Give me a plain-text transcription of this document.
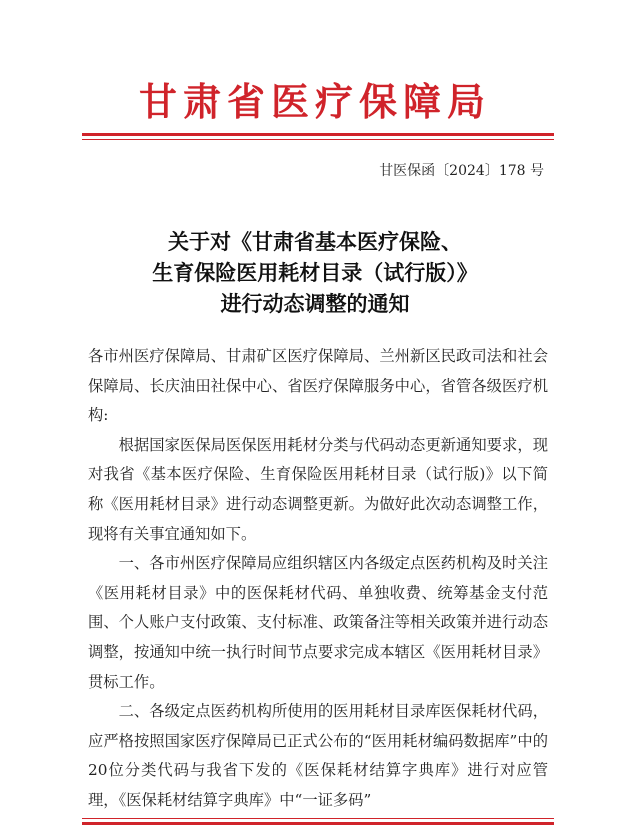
甘肃省医疗保障局
甘医保函〔2024〕178 号
关于对《甘肃省基本医疗保险、
生育保险医用耗材目录（试行版）》
进行动态调整的通知

各市州医疗保障局、甘肃矿区医疗保障局、兰州新区民政司法和社会保障局、长庆油田社保中心、省医疗保障服务中心，省管各级医疗机构:

根据国家医保局医保医用耗材分类与代码动态更新通知要求，现对我省《基本医疗保险、生育保险医用耗材目录（试行版)》以下简称《医用耗材目录》进行动态调整更新。为做好此次动态调整工作，现将有关事宜通知如下。

一、各市州医疗保障局应组织辖区内各级定点医药机构及时关注《医用耗材目录》中的医保耗材代码、单独收费、统筹基金支付范围、个人账户支付政策、支付标准、政策备注等相关政策并进行动态调整，按通知中统一执行时间节点要求完成本辖区《医用耗材目录》贯标工作。

二、各级定点医药机构所使用的医用耗材目录库医保耗材代码，应严格按照国家医疗保障局已正式公布的“医用耗材编码数据库”中的20位分类代码与我省下发的《医保耗材结算字典库》进行对应管理，《医保耗材结算字典库》中“一证多码”
